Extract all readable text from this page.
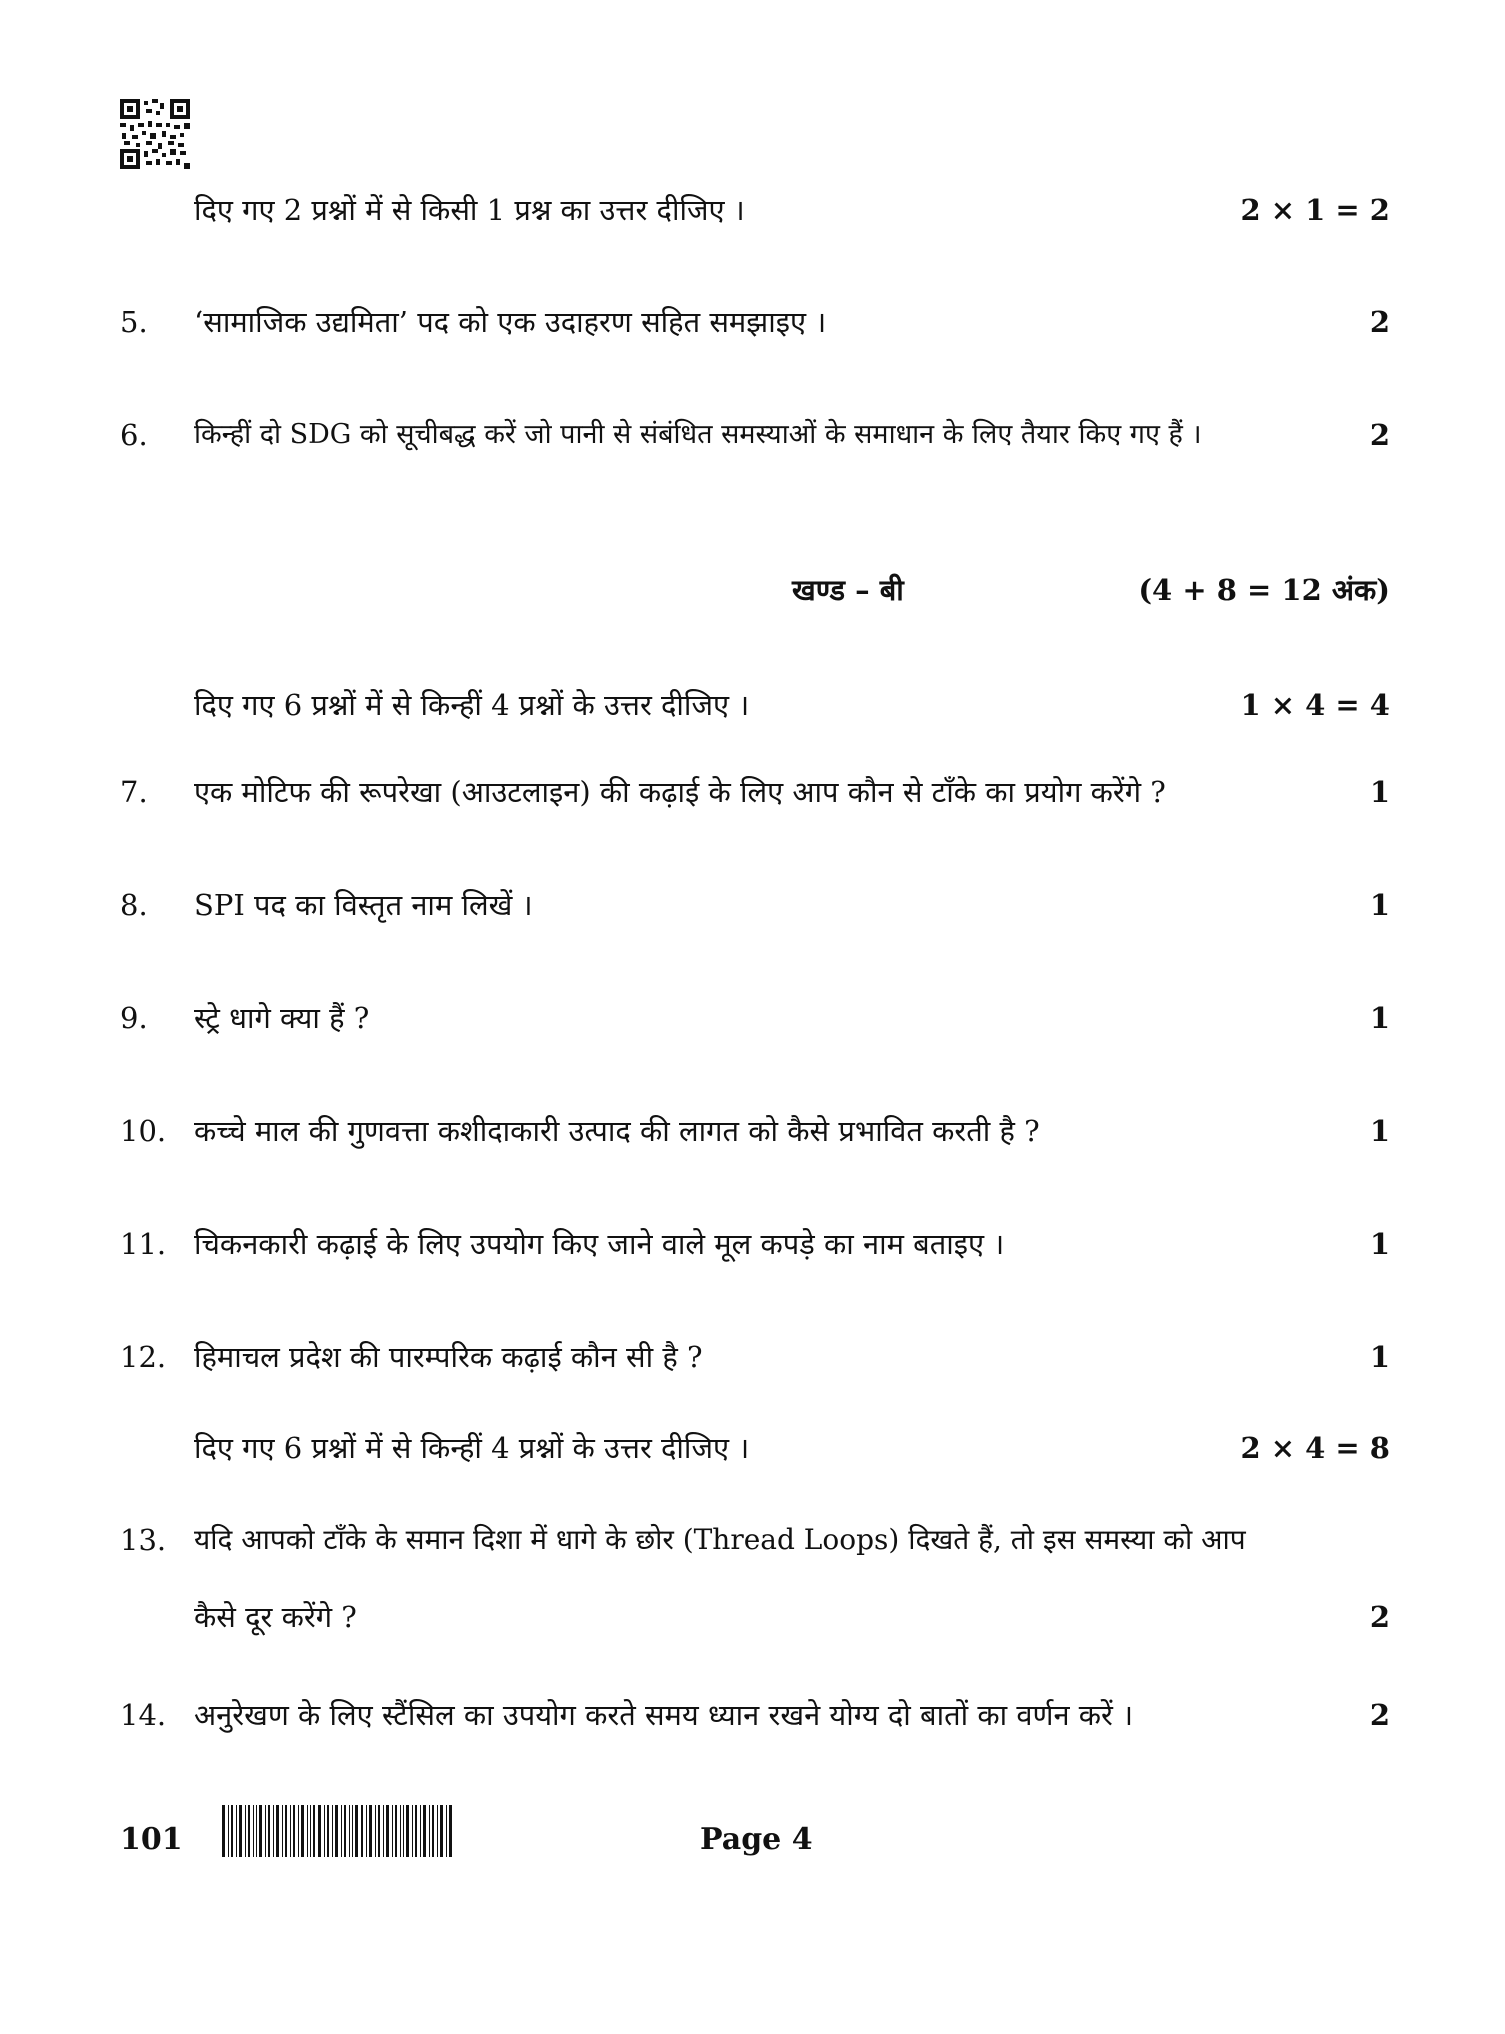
दिए गए 2 प्रश्नों में से किसी 1 प्रश्न का उत्तर दीजिए ।	2 × 1 = 2
5.	‘सामाजिक उद्यमिता’ पद को एक उदाहरण सहित समझाइए ।	2
6.	किन्हीं दो SDG को सूचीबद्ध करें जो पानी से संबंधित समस्याओं के समाधान के लिए तैयार किए गए हैं ।	2
खण्ड – बी	(4 + 8 = 12 अंक)
दिए गए 6 प्रश्नों में से किन्हीं 4 प्रश्नों के उत्तर दीजिए ।	1 × 4 = 4
7.	एक मोटिफ की रूपरेखा (आउटलाइन) की कढ़ाई के लिए आप कौन से टाँके का प्रयोग करेंगे ?	1
8.	SPI पद का विस्तृत नाम लिखें ।	1
9.	स्ट्रे धागे क्या हैं ?	1
10. कच्चे माल की गुणवत्ता कशीदाकारी उत्पाद की लागत को कैसे प्रभावित करती है ?	1
11. चिकनकारी कढ़ाई के लिए उपयोग किए जाने वाले मूल कपड़े का नाम बताइए ।	1
12. हिमाचल प्रदेश की पारम्परिक कढ़ाई कौन सी है ?	1
दिए गए 6 प्रश्नों में से किन्हीं 4 प्रश्नों के उत्तर दीजिए ।	2 × 4 = 8
13. यदि आपको टाँके के समान दिशा में धागे के छोर (Thread Loops) दिखते हैं, तो इस समस्या को आप
कैसे दूर करेंगे ?	2
14. अनुरेखण के लिए स्टैंसिल का उपयोग करते समय ध्यान रखने योग्य दो बातों का वर्णन करें ।	2
101	Page 4
